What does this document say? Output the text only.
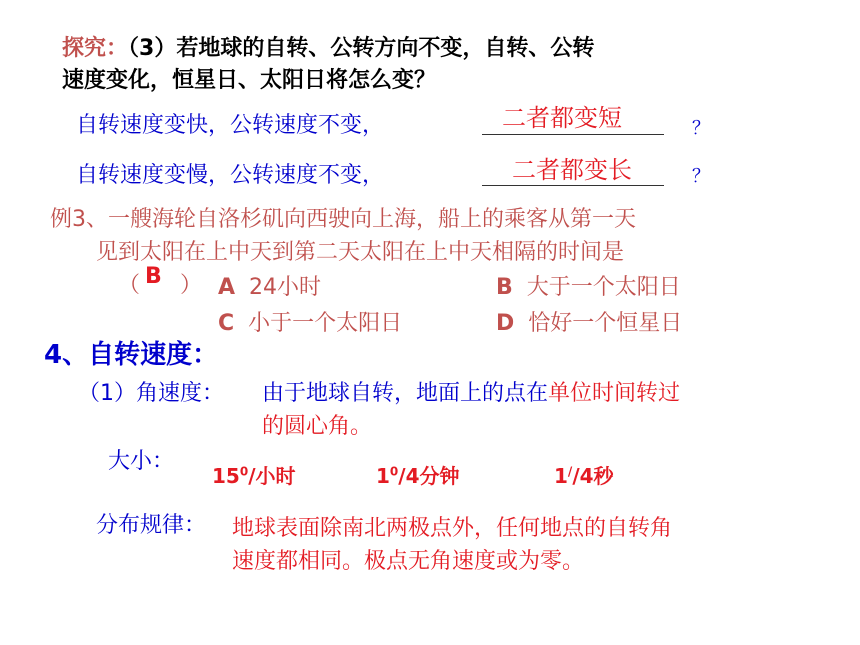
探究：（3）若地球的自转、公转方向不变，自转、公转
速度变化，恒星日、太阳日将怎么变？
自转速度变快，公转速度不变，	二者都变短	？
自转速度变慢，公转速度不变，	二者都变长	？
例3、一艘海轮自洛杉矶向西驶向上海，船上的乘客从第一天
见到太阳在上中天到第二天太阳在上中天相隔的时间是
（ B ） A 24小时	B 大于一个太阳日
C 小于一个太阳日	D 恰好一个恒星日
4、自转速度：
（1）角速度： 由于地球自转，地面上的点在单位时间转过
的圆心角。
大小：
$15^0/$小时	$1^0/4$分钟	1//4秒
分布规律： 地球表面除南北两极点外，任何地点的自转角
速度都相同。极点无角速度或为零。
